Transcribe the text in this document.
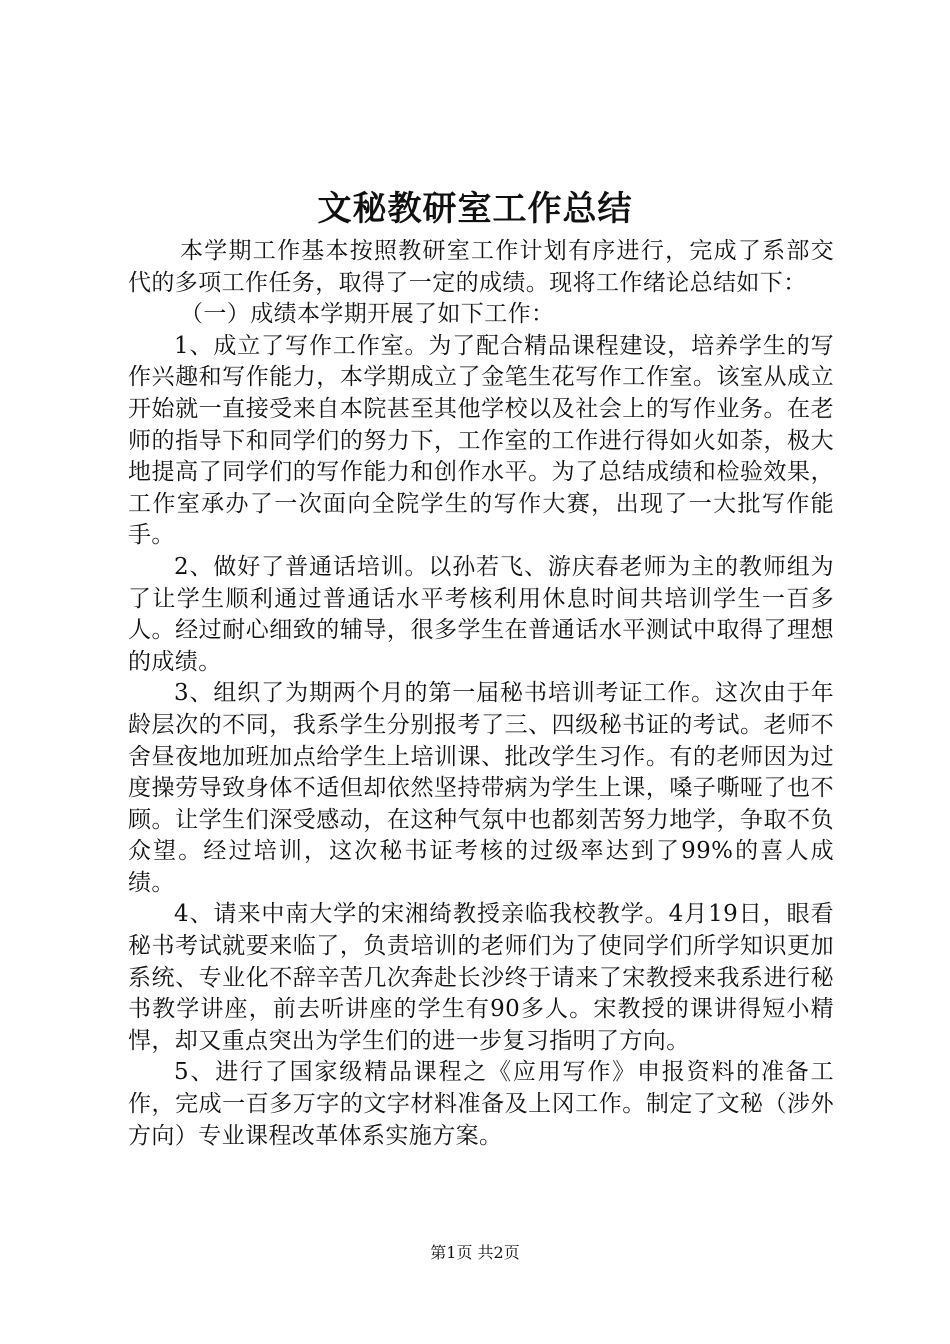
文秘教研室工作总结

本学期工作基本按照教研室工作计划有序进行，完成了系部交代的多项工作任务，取得了一定的成绩。现将工作绪论总结如下：

（一）成绩本学期开展了如下工作：

1、成立了写作工作室。为了配合精品课程建设，培养学生的写作兴趣和写作能力，本学期成立了金笔生花写作工作室。该室从成立开始就一直接受来自本院甚至其他学校以及社会上的写作业务。在老师的指导下和同学们的努力下，工作室的工作进行得如火如荼，极大地提高了同学们的写作能力和创作水平。为了总结成绩和检验效果，工作室承办了一次面向全院学生的写作大赛，出现了一大批写作能手。

2、做好了普通话培训。以孙若飞、游庆春老师为主的教师组为了让学生顺利通过普通话水平考核利用休息时间共培训学生一百多人。经过耐心细致的辅导，很多学生在普通话水平测试中取得了理想的成绩。

3、组织了为期两个月的第一届秘书培训考证工作。这次由于年龄层次的不同，我系学生分别报考了三、四级秘书证的考试。老师不舍昼夜地加班加点给学生上培训课、批改学生习作。有的老师因为过度操劳导致身体不适但却依然坚持带病为学生上课，嗓子嘶哑了也不顾。让学生们深受感动，在这种气氛中也都刻苦努力地学，争取不负众望。经过培训，这次秘书证考核的过级率达到了99%的喜人成绩。

4、请来中南大学的宋湘绮教授亲临我校教学。4月19日，眼看秘书考试就要来临了，负责培训的老师们为了使同学们所学知识更加系统、专业化不辞辛苦几次奔赴长沙终于请来了宋教授来我系进行秘书教学讲座，前去听讲座的学生有90多人。宋教授的课讲得短小精悍，却又重点突出为学生们的进一步复习指明了方向。

5、进行了国家级精品课程之《应用写作》申报资料的准备工作，完成一百多万字的文字材料准备及上冈工作。制定了文秘（涉外方向）专业课程改革体系实施方案。

第1页 共2页
